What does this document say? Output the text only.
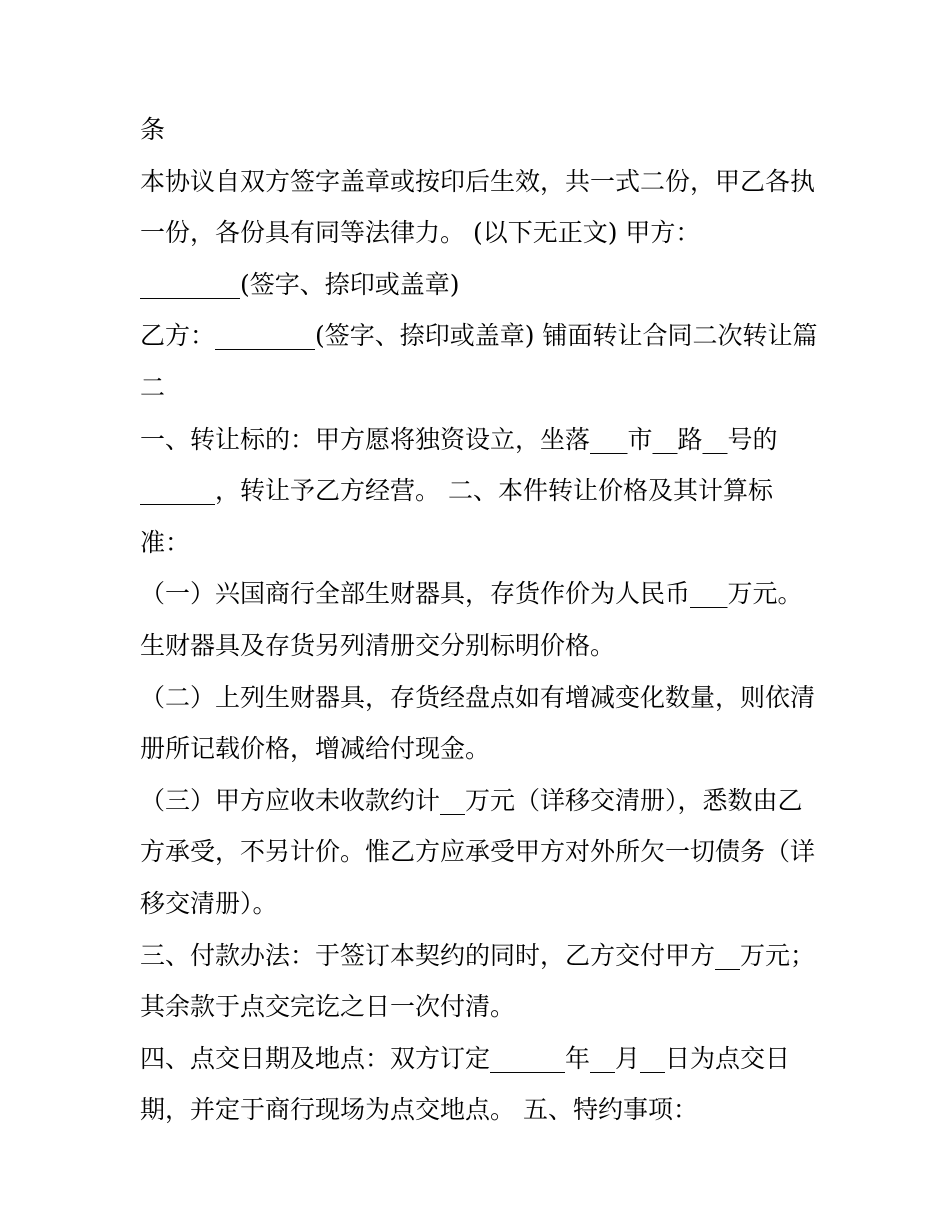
条
本协议自双方签字盖章或按印后生效，共一式二份，甲乙各执
一份，各份具有同等法律力。 (以下无正文) 甲方：
________(签字、捺印或盖章)
乙方：________(签字、捺印或盖章) 铺面转让合同二次转让篇
二
一、转让标的：甲方愿将独资设立，坐落___市__路__号的
______，转让予乙方经营。 二、本件转让价格及其计算标
准：
（一）兴国商行全部生财器具，存货作价为人民币___万元。
生财器具及存货另列清册交分别标明价格。
（二）上列生财器具，存货经盘点如有增减变化数量，则依清
册所记载价格，增减给付现金。
（三）甲方应收未收款约计__万元（详移交清册），悉数由乙
方承受，不另计价。惟乙方应承受甲方对外所欠一切债务（详
移交清册）。
三、付款办法：于签订本契约的同时，乙方交付甲方__万元；
其余款于点交完讫之日一次付清。
四、点交日期及地点：双方订定______年__月__日为点交日
期，并定于商行现场为点交地点。 五、特约事项：
